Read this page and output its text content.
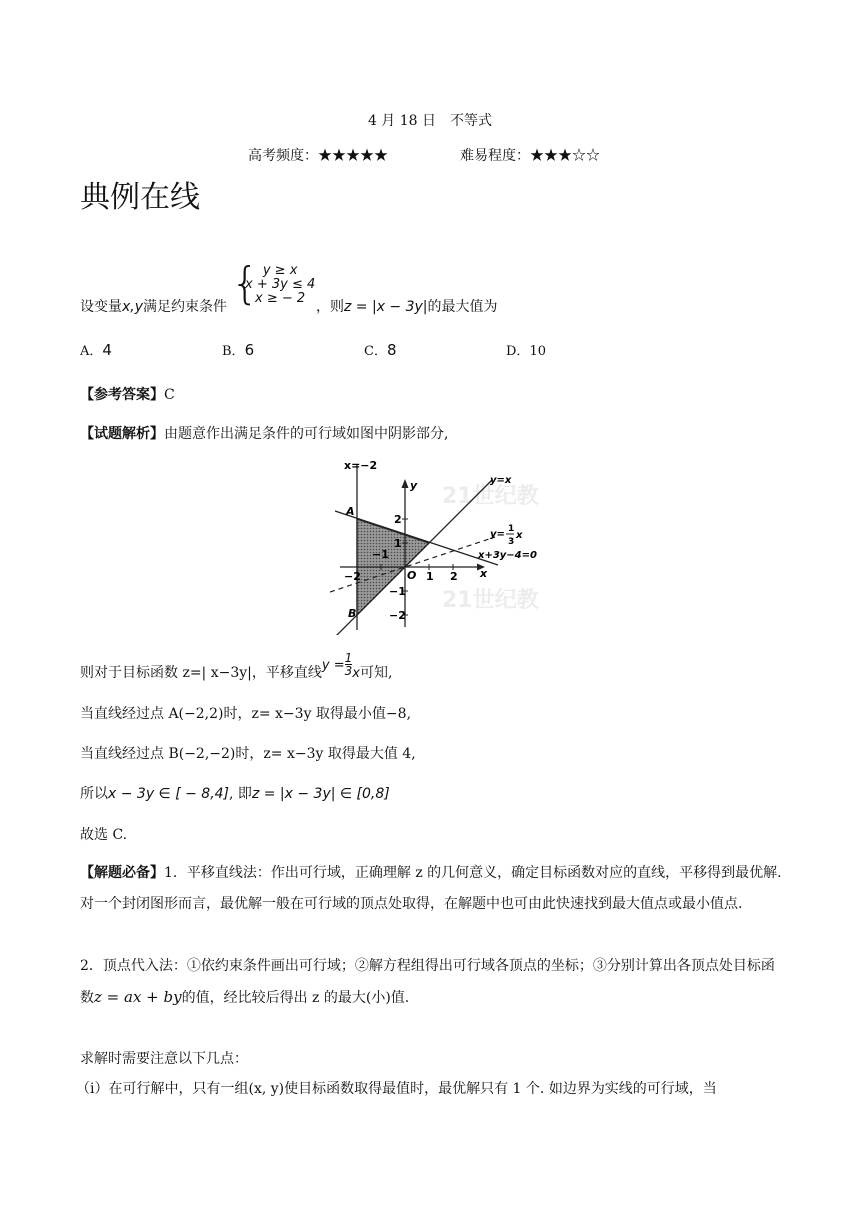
4 月 18 日　不等式
高考频度：★★★★★	难易程度：★★★☆☆
典例在线
设变量x,y满足约束条件 { y ≥ x
x + 3y ≤ 4
x ≥ − 2
，则z = |x − 3y|的最大值为
A．4	B．6	C．8	D．10
【参考答案】C
【试题解析】由题意作出满足条件的可行域如图中阴影部分,
21世纪教
21世纪教
x=−2
y=x
y= 1
3
x
x+3y−4=0
A
B
O	x
y
−2
−1
1 2
2
1
−1
−2
则对于目标函数 z=| x−3y|，平移直线$y = \frac{1}{3}$ x可知,
当直线经过点 A(−2,2)时，z= x−3y 取得最小值−8,
当直线经过点 B(−2,−2)时，z= x−3y 取得最大值 4,
所以x − 3y ∈ [ − 8,4], 即z = |x − 3y| ∈ [0,8]
故选 C.
【解题必备】1．平移直线法：作出可行域，正确理解 z 的几何意义，确定目标函数对应的直线，平移得到最优解. 对一个封闭图形而言，最优解一般在可行域的顶点处取得，在解题中也可由此快速找到最大值点或最小值点.
2．顶点代入法：①依约束条件画出可行域；②解方程组得出可行域各顶点的坐标；③分别计算出各顶点处目标函数z = ax + by的值，经比较后得出 z 的最大(小)值.
求解时需要注意以下几点：
（ⅰ）在可行解中，只有一组(x, y)使目标函数取得最值时，最优解只有 1 个. 如边界为实线的可行域，当
